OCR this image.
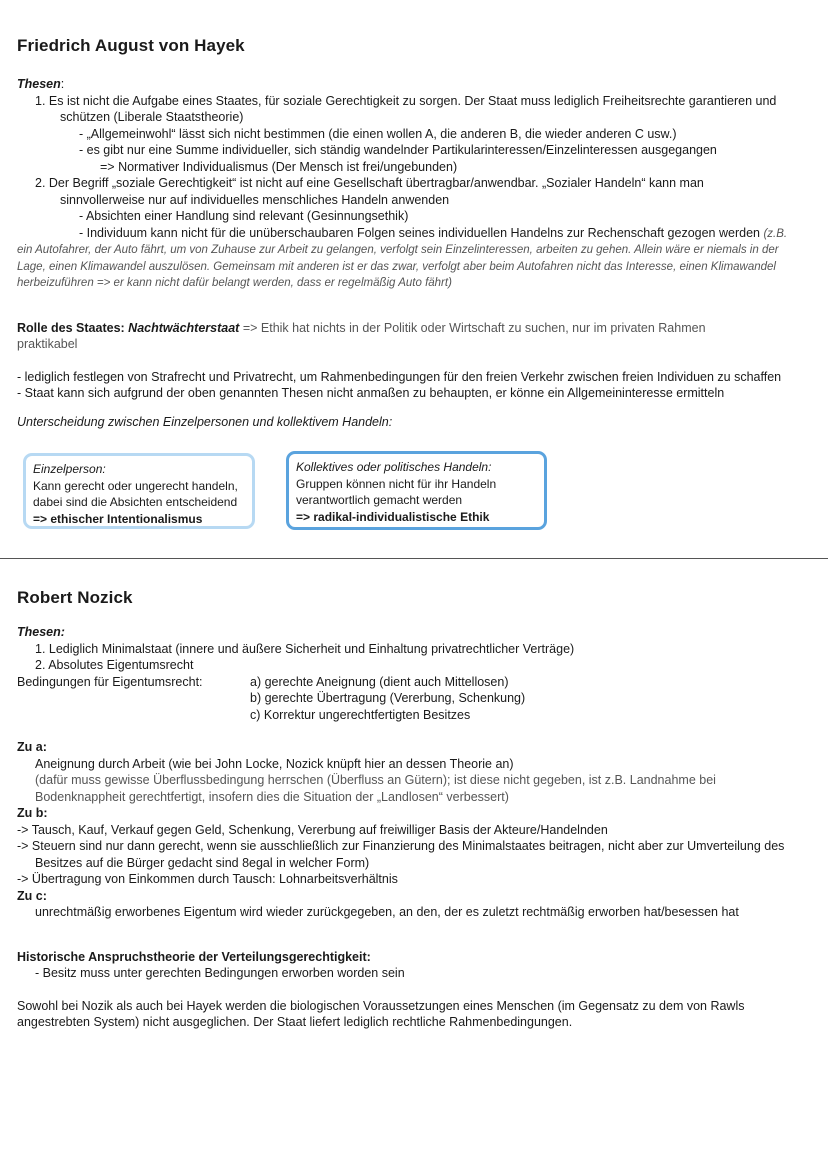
Friedrich August von Hayek
Thesen:
1. Es ist nicht die Aufgabe eines Staates, für soziale Gerechtigkeit zu sorgen. Der Staat muss lediglich Freiheitsrechte garantieren und
schützen (Liberale Staatstheorie)
- „Allgemeinwohl“ lässt sich nicht bestimmen (die einen wollen A, die anderen B, die wieder anderen C usw.)
- es gibt nur eine Summe individueller, sich ständig wandelnder Partikularinteressen/Einzelinteressen ausgegangen
=> Normativer Individualismus (Der Mensch ist frei/ungebunden)
2. Der Begriff „soziale Gerechtigkeit“ ist nicht auf eine Gesellschaft übertragbar/anwendbar. „Sozialer Handeln“ kann man
sinnvollerweise nur auf individuelles menschliches Handeln anwenden
- Absichten einer Handlung sind relevant (Gesinnungsethik)
- Individuum kann nicht für die unüberschaubaren Folgen seines individuellen Handelns zur Rechenschaft gezogen werden (z.B.
ein Autofahrer, der Auto fährt, um von Zuhause zur Arbeit zu gelangen, verfolgt sein Einzelinteressen, arbeiten zu gehen. Allein wäre er niemals in der
Lage, einen Klimawandel auszulösen. Gemeinsam mit anderen ist er das zwar, verfolgt aber beim Autofahren nicht das Interesse, einen Klimawandel
herbeizuführen => er kann nicht dafür belangt werden, dass er regelmäßig Auto fährt)
Rolle des Staates: Nachtwächterstaat => Ethik hat nichts in der Politik oder Wirtschaft zu suchen, nur im privaten Rahmen
praktikabel
- lediglich festlegen von Strafrecht und Privatrecht, um Rahmenbedingungen für den freien Verkehr zwischen freien Individuen zu schaffen
- Staat kann sich aufgrund der oben genannten Thesen nicht anmaßen zu behaupten, er könne ein Allgemeininteresse ermitteln
Unterscheidung zwischen Einzelpersonen und kollektivem Handeln:
Einzelperson:
Kann gerecht oder ungerecht handeln,
dabei sind die Absichten entscheidend
=> ethischer Intentionalismus
Kollektives oder politisches Handeln:
Gruppen können nicht für ihr Handeln
verantwortlich gemacht werden
=> radikal-individualistische Ethik
Robert Nozick
Thesen:
1. Lediglich Minimalstaat (innere und äußere Sicherheit und Einhaltung privatrechtlicher Verträge)
2. Absolutes Eigentumsrecht
Bedingungen für Eigentumsrecht:	a) gerechte Aneignung (dient auch Mittellosen)
b) gerechte Übertragung (Vererbung, Schenkung)
c) Korrektur ungerechtfertigten Besitzes
Zu a:
Aneignung durch Arbeit (wie bei John Locke, Nozick knüpft hier an dessen Theorie an)
(dafür muss gewisse Überflussbedingung herrschen (Überfluss an Gütern); ist diese nicht gegeben, ist z.B. Landnahme bei
Bodenknappheit gerechtfertigt, insofern dies die Situation der „Landlosen“ verbessert)
Zu b:
-> Tausch, Kauf, Verkauf gegen Geld, Schenkung, Vererbung auf freiwilliger Basis der Akteure/Handelnden
-> Steuern sind nur dann gerecht, wenn sie ausschließlich zur Finanzierung des Minimalstaates beitragen, nicht aber zur Umverteilung des
Besitzes auf die Bürger gedacht sind 8egal in welcher Form)
-> Übertragung von Einkommen durch Tausch: Lohnarbeitsverhältnis
Zu c:
unrechtmäßig erworbenes Eigentum wird wieder zurückgegeben, an den, der es zuletzt rechtmäßig erworben hat/besessen hat
Historische Anspruchstheorie der Verteilungsgerechtigkeit:
- Besitz muss unter gerechten Bedingungen erworben worden sein
Sowohl bei Nozik als auch bei Hayek werden die biologischen Voraussetzungen eines Menschen (im Gegensatz zu dem von Rawls
angestrebten System) nicht ausgeglichen. Der Staat liefert lediglich rechtliche Rahmenbedingungen.
